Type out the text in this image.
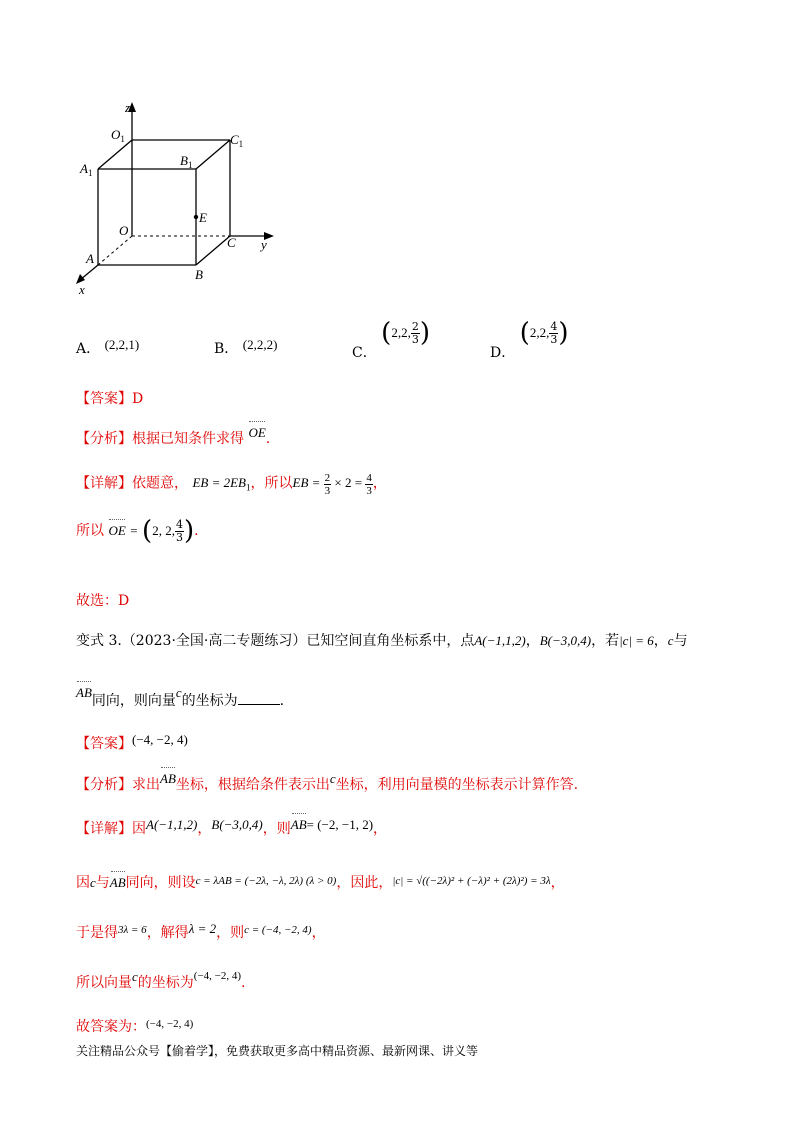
z
y
x
$O_1$	$C_1$
$A_1$
$B_1$
E
O
C
A
B
A． (2,2,1)	B． (2,2,2)
C． (2,2, $\frac{2}{3}$ )
D． (2,2, $\frac{4}{3}$ )
【答案】D
【分析】根据已知条件求得 OE.
【详解】依题意， EB = $2EB_1$，所以EB = $\frac{2}{3} \times 2 = \frac{4}{3}$ ，
所以 OE = (2, 2, $\frac{4}{3}$ ).
故选：D
变式 3.（2023·全国·高二专题练习）已知空间直角坐标系中，点A(−1,1,2)，B(−3,0,4)，若|c| = 6，c与
AB同向，则向量c的坐标为	.
【答案】(−4, −2, 4)
【分析】求出AB坐标，根据给条件表示出c坐标，利用向量模的坐标表示计算作答.
【详解】因A(−1,1,2)，B(−3,0,4)，则AB= (−2, −1, 2)，
因c与AB同向，则设$^{c = \lambda AB = (-2\lambda, -\lambda, 2\lambda) (\lambda > 0)}$，因此，$^{|c| = √((-2\lambda)^2 + (-\lambda)^2 + (2\lambda)^2) = 3\lambda}$，
于是得$^{3\lambda = 6}$，解得λ = 2，则$^{c = (-4, -2, 4)}$，
所以向量c的坐标为$^{(-4, -2, 4)}$.
故答案为：$^{(-4, -2, 4)}$
关注精品公众号【偷着学】，免费获取更多高中精品资源、最新网课、讲义等
